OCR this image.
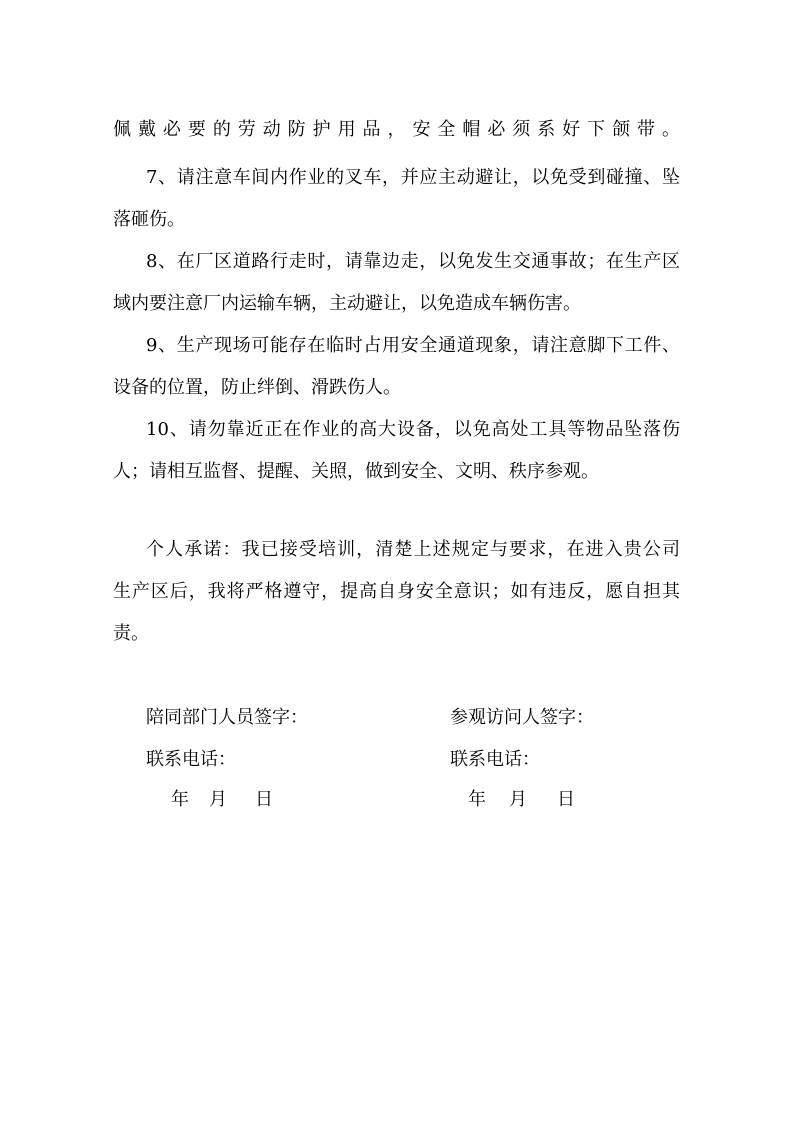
佩戴必要的劳动防护用品，安全帽必须系好下颌带。
7、请注意车间内作业的叉车，并应主动避让，以免受到碰撞、坠
落砸伤。
8、在厂区道路行走时，请靠边走，以免发生交通事故；在生产区
域内要注意厂内运输车辆，主动避让，以免造成车辆伤害。
9、生产现场可能存在临时占用安全通道现象，请注意脚下工件、
设备的位置，防止绊倒、滑跌伤人。
10、请勿靠近正在作业的高大设备，以免高处工具等物品坠落伤
人；请相互监督、提醒、关照，做到安全、文明、秩序参观。
个人承诺：我已接受培训，清楚上述规定与要求，在进入贵公司
生产区后，我将严格遵守，提高自身安全意识；如有违反，愿自担其
责。
陪同部门人员签字：
联系电话：
年 月 日
参观访问人签字：
联系电话：
年 月 日
